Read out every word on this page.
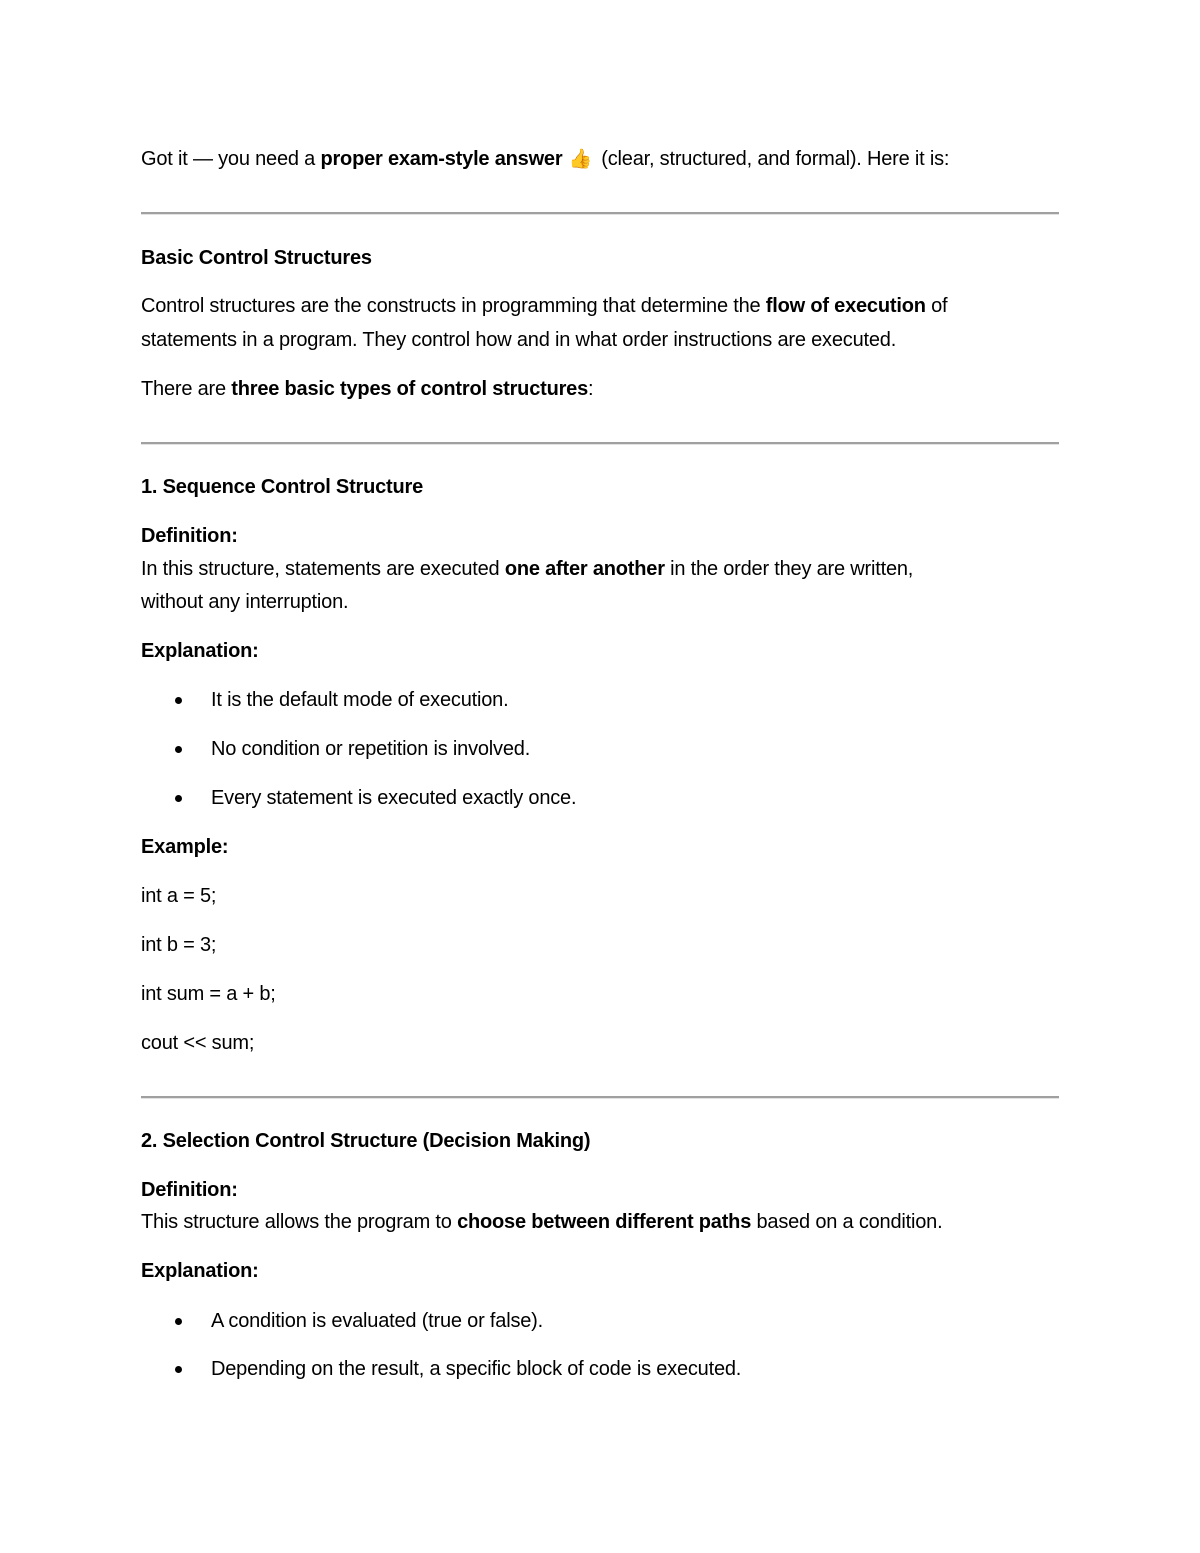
Got it — you need a proper exam-style answer 👍 (clear, structured, and formal). Here it is:
Basic Control Structures
Control structures are the constructs in programming that determine the flow of execution of
statements in a program. They control how and in what order instructions are executed.
There are three basic types of control structures:
1. Sequence Control Structure
Definition:
In this structure, statements are executed one after another in the order they are written,
without any interruption.
Explanation:
It is the default mode of execution.
No condition or repetition is involved.
Every statement is executed exactly once.
Example:
int a = 5;
int b = 3;
int sum = a + b;
cout << sum;
2. Selection Control Structure (Decision Making)
Definition:
This structure allows the program to choose between different paths based on a condition.
Explanation:
A condition is evaluated (true or false).
Depending on the result, a specific block of code is executed.
